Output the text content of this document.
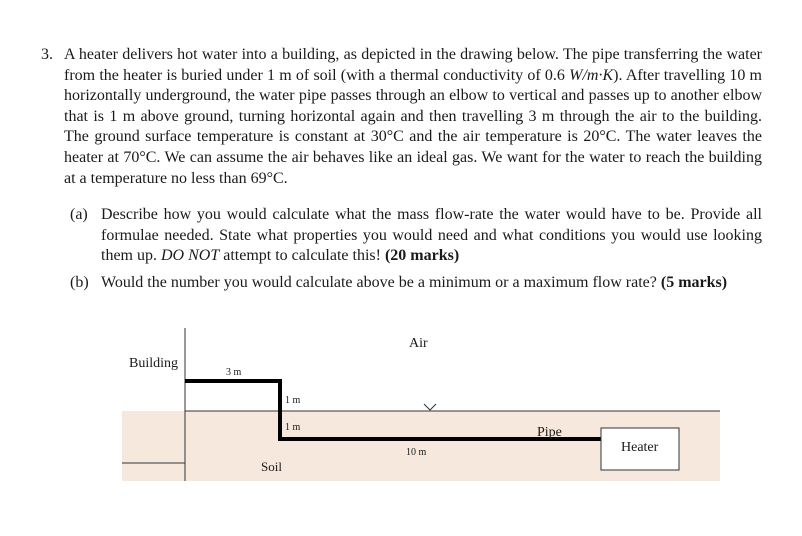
3. A heater delivers hot water into a building, as depicted in the drawing below. The pipe transferring the water from the heater is buried under 1 m of soil (with a thermal conductivity of 0.6 W/m·K). After travelling 10 m horizontally underground, the water pipe passes through an elbow to vertical and passes up to another elbow that is 1 m above ground, turning horizontal again and then travelling 3 m through the air to the building. The ground surface temperature is constant at 30°C and the air temperature is 20°C. The water leaves the heater at 70°C. We can assume the air behaves like an ideal gas. We want for the water to reach the building at a temperature no less than 69°C.

(a) Describe how you would calculate what the mass flow-rate the water would have to be. Provide all formulae needed. State what properties you would need and what conditions you would use looking them up. DO NOT attempt to calculate this! (20 marks)

(b) Would the number you would calculate above be a minimum or a maximum flow rate? (5 marks)

Building
Air
Soil
Pipe
Heater
3 m
1 m
1 m
10 m
